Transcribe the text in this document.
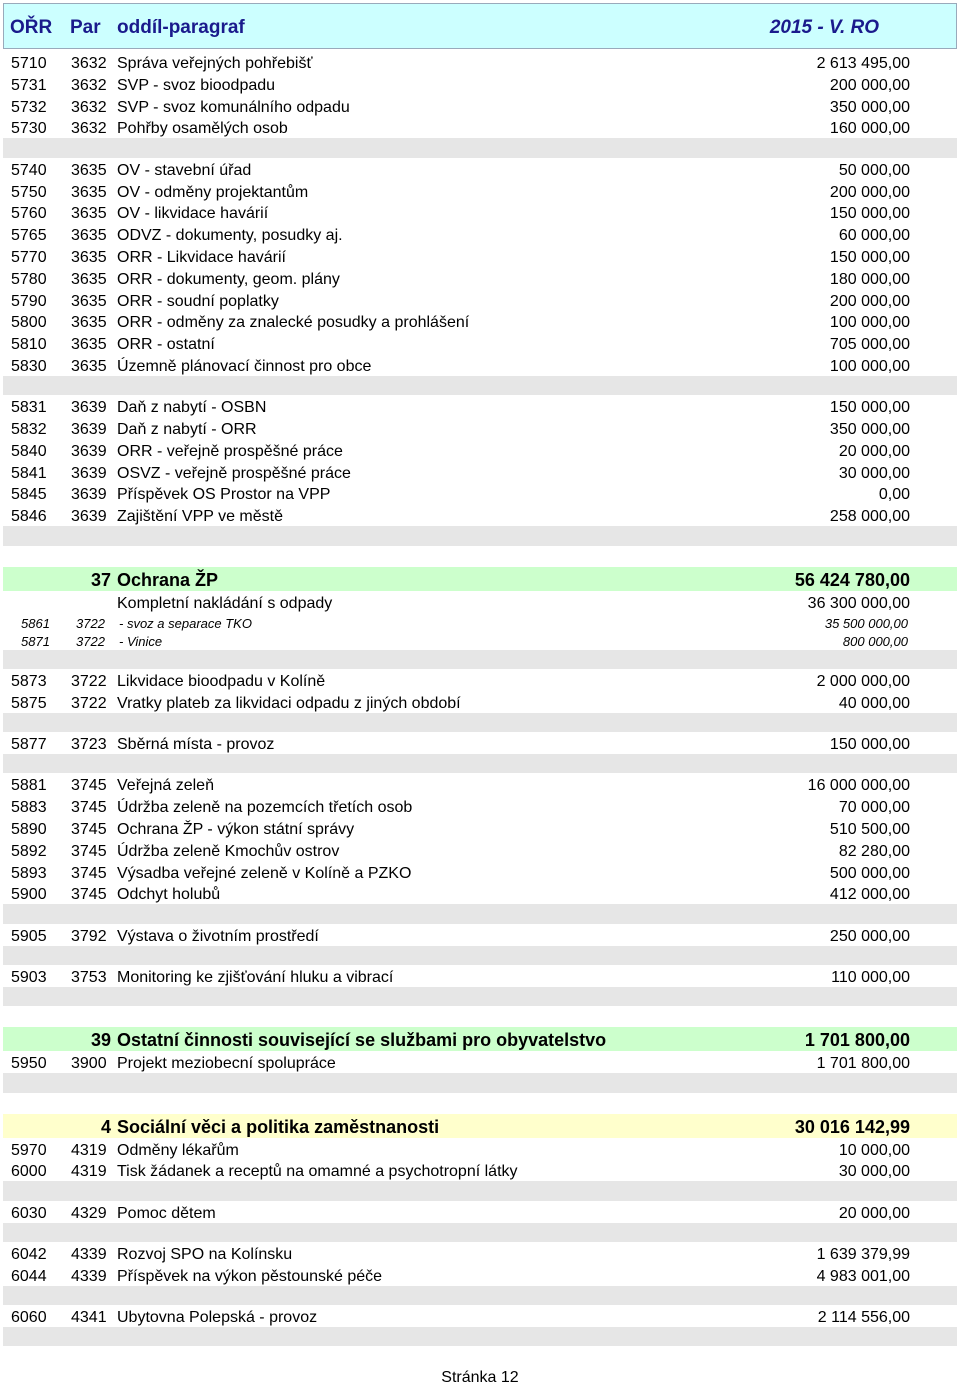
OŘR Par oddíl-paragraf	2015 - V. RO
5710 3632 Správa veřejných pohřebišť	2 613 495,00
5731 3632 SVP - svoz bioodpadu	200 000,00
5732 3632 SVP - svoz komunálního odpadu	350 000,00
5730 3632 Pohřby osamělých osob	160 000,00
5740 3635 OV - stavební úřad	50 000,00
5750 3635 OV - odměny projektantům	200 000,00
5760 3635 OV - likvidace havárií	150 000,00
5765 3635 ODVZ - dokumenty, posudky aj.	60 000,00
5770 3635 ORR - Likvidace havárií	150 000,00
5780 3635 ORR - dokumenty, geom. plány	180 000,00
5790 3635 ORR - soudní poplatky	200 000,00
5800 3635 ORR - odměny za znalecké posudky a prohlášení	100 000,00
5810 3635 ORR - ostatní	705 000,00
5830 3635 Územně plánovací činnost pro obce	100 000,00
5831 3639 Daň z nabytí - OSBN	150 000,00
5832 3639 Daň z nabytí - ORR	350 000,00
5840 3639 ORR - veřejně prospěšné práce	20 000,00
5841 3639 OSVZ - veřejně prospěšné práce	30 000,00
5845 3639 Příspěvek OS Prostor na VPP	0,00
5846 3639 Zajištění VPP ve městě	258 000,00
37 Ochrana ŽP	56 424 780,00
Kompletní nakládání s odpady	36 300 000,00
5861 3722 - svoz a separace TKO	35 500 000,00
5871 3722 - Vinice	800 000,00
5873 3722 Likvidace bioodpadu v Kolíně	2 000 000,00
5875 3722 Vratky plateb za likvidaci odpadu z jiných období	40 000,00
5877 3723 Sběrná místa - provoz	150 000,00
5881 3745 Veřejná zeleň	16 000 000,00
5883 3745 Údržba zeleně na pozemcích třetích osob	70 000,00
5890 3745 Ochrana ŽP - výkon státní správy	510 500,00
5892 3745 Údržba zeleně Kmochův ostrov	82 280,00
5893 3745 Výsadba veřejné zeleně v Kolíně a PZKO	500 000,00
5900 3745 Odchyt holubů	412 000,00
5905 3792 Výstava o životním prostředí	250 000,00
5903 3753 Monitoring ke zjišťování hluku a vibrací	110 000,00
39 Ostatní činnosti související se službami pro obyvatelstvo	1 701 800,00
5950 3900 Projekt meziobecní spolupráce	1 701 800,00
4 Sociální věci a politika zaměstnanosti	30 016 142,99
5970 4319 Odměny lékařům	10 000,00
6000 4319 Tisk žádanek a receptů na omamné a psychotropní látky	30 000,00
6030 4329 Pomoc dětem	20 000,00
6042 4339 Rozvoj SPO na Kolínsku	1 639 379,99
6044 4339 Příspěvek na výkon pěstounské péče	4 983 001,00
6060 4341 Ubytovna Polepská - provoz	2 114 556,00
Stránka 12
